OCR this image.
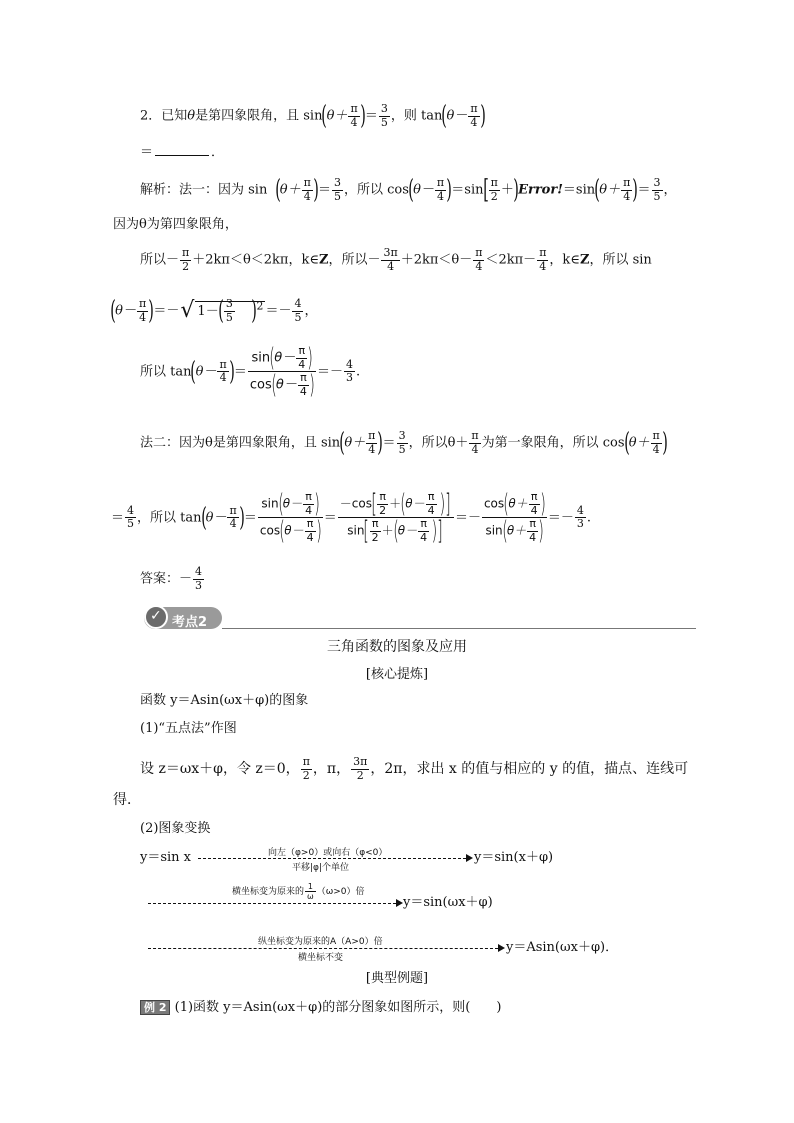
2．已知θ是第四象限角，且 $\sin(\theta+ \frac{\pi}{4}$ )＝ $\frac{3}{5}$ ，则 $\tan(\theta- \frac{\pi}{4}$ )
＝	．
解析：法一：因为 $\sin (\theta+ \frac{\pi}{4}$ )＝ $\frac{3}{5}$ ，所以 $\cos(\theta- \frac{\pi}{4} )=\sin[ \frac{\pi}{2}$ ＋)Error!＝sin(θ＋ $\frac{\pi}{4}$ )＝ $\frac{3}{5}$ ，
因为θ为第四象限角，
所以－ $\frac{\pi}{2} +2k\pi<\theta<2k\pi$，k∈Z，所以－ $\frac{3\pi}{4} +2k\pi<\theta- \frac{\pi}{4} <2k\pi- \frac{\pi}{4}$ ，k∈Z，所以 sin
($\theta- \frac{\pi}{4}$ )＝－√ $1-( \frac{3}{5} )^2 =- \frac{4}{5}$ ，
所以 $\tan(\theta- \frac{\pi}{4}$ )＝ $\frac{\sin(\theta- \frac{\pi}{4} )}{\cos(\theta- \frac{\pi}{4} )} =- \frac{4}{3}$ .
法二：因为θ是第四象限角，且 $\sin(\theta+ \frac{\pi}{4}$ )＝ $\frac{3}{5}$ ，所以$\theta+ \frac{\pi}{4}$ 为第一象限角，所以 $\cos(\theta+ \frac{\pi}{4}$ )
＝ $\frac{4}{5}$ ，所以 $\tan(\theta- \frac{\pi}{4}$ )＝ $\frac{\sin(\theta- \frac{\pi}{4} )}{\cos(\theta- \frac{\pi}{4} )} = \frac{-\cos[ \frac{\pi}{2} +(\theta- \frac{\pi}{4} )]}{\sin[ \frac{\pi}{2} +(\theta- \frac{\pi}{4} )]} =- \frac{\cos(\theta+ \frac{\pi}{4} )}{\sin(\theta+ \frac{\pi}{4} )} =- \frac{4}{3}$ .
答案：－ $\frac{4}{3}$
✓ 考点2
三角函数的图象及应用
[核心提炼]
函数 y＝Asin(ωx＋φ)的图象
(1)“五点法”作图
设 z＝ωx＋φ，令 z＝0， $\frac{\pi}{2}$ ，π， $\frac{3\pi}{2}$ ，2π，求出 x 的值与相应的 y 的值，描点、连线可
得．
(2)图象变换
y＝sin x	向左（φ>0）或向右（φ<0）
平移|φ|个单位
y＝sin(x＋φ)
横坐标变为原来的 $\frac{1}{\omega} (\omega>0)$倍
y＝sin(ωx＋φ)
纵坐标变为原来的A（A>0）倍
横坐标不变
y＝Asin(ωx＋φ)．
[典型例题]
例 2 (1)函数 y＝Asin(ωx＋φ)的部分图象如图所示，则(　　)
